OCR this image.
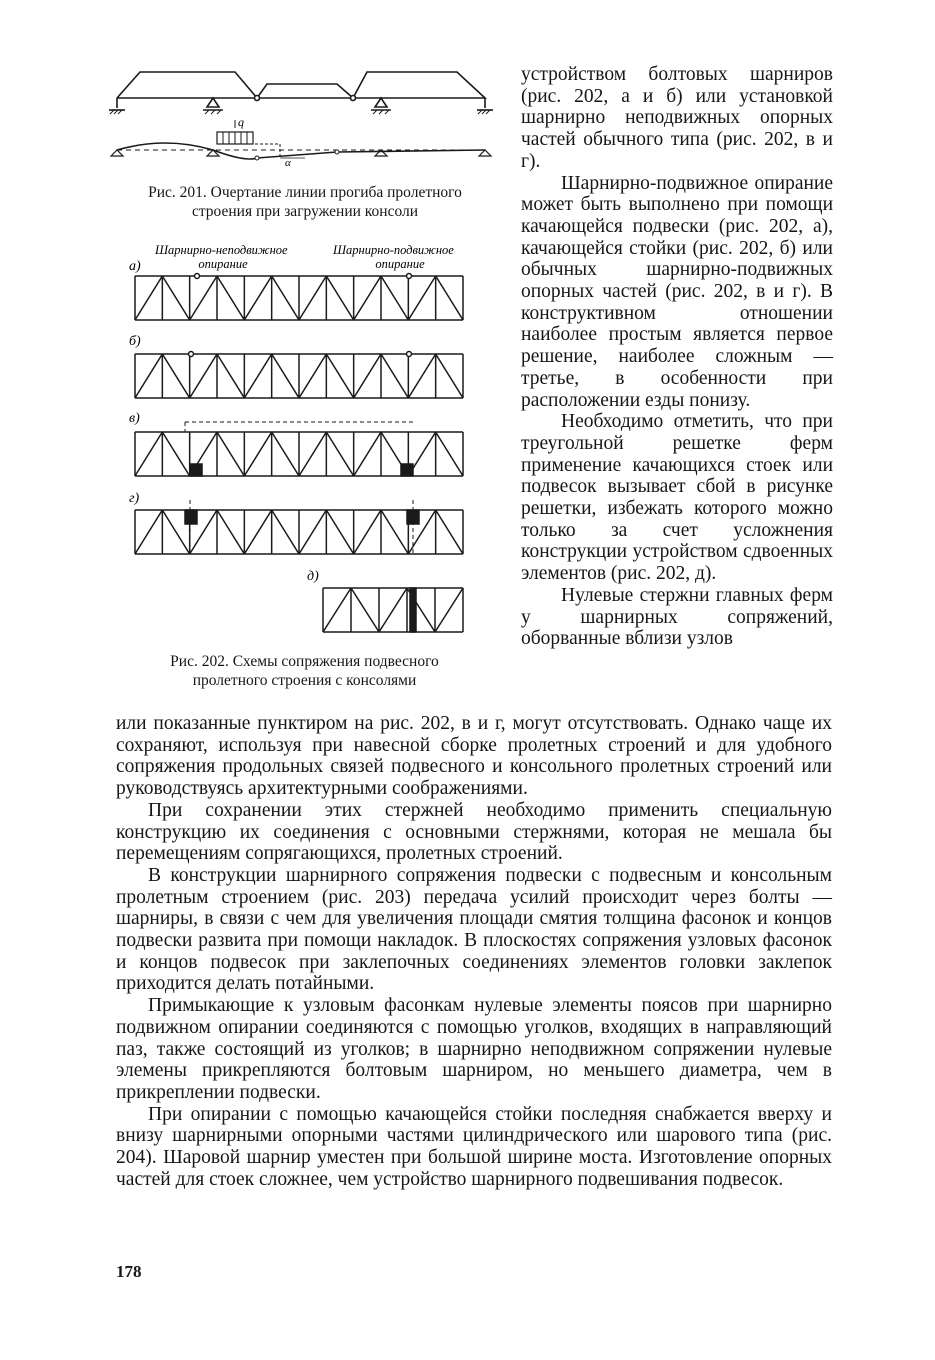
q
α
Рис. 201. Очертание линии прогиба пролетного
строения при загружении консоли
Шарнирно-неподвижное
опирание
Шарнирно-подвижное
опирание
а)
б)
в)
г)
д)
Рис. 202. Схемы сопряжения подвесного
пролетного строения с консолями

устройством болтовых шарниров (рис. 202, а и б) или установкой шарнирно неподвижных опорных частей обычного типа (рис. 202, в и г).

Шарнирно-подвижное опирание может быть выполнено при помощи качающейся подвески (рис. 202, а), качающейся стойки (рис. 202, б) или обычных шарнирно-подвижных опорных частей (рис. 202, в и г). В конструктивном отношении наиболее простым является первое решение, наиболее сложным — третье, в особенности при расположении езды понизу.

Необходимо отметить, что при треугольной решетке ферм применение качающихся стоек или подвесок вызывает сбой в рисунке решетки, избежать которого можно только за счет усложнения конструкции устройством сдвоенных элементов (рис. 202, д).

Нулевые стержни главных ферм у шарнирных сопряжений, оборванные вблизи узлов

или показанные пунктиром на рис. 202, в и г, могут отсутствовать. Однако чаще их сохраняют, используя при навесной сборке пролетных строений и для удобного сопряжения продольных связей подвесного и консольного пролетных строений или руководствуясь архитектурными соображениями.

При сохранении этих стержней необходимо применить специальную конструкцию их соединения с основными стержнями, которая не мешала бы перемещениям сопрягающихся, пролетных строений.

В конструкции шарнирного сопряжения подвески с подвесным и консольным пролетным строением (рис. 203) передача усилий происходит через болты — шарниры, в связи с чем для увеличения площади смятия толщина фасонок и концов подвески развита при помощи накладок. В плоскостях сопряжения узловых фасонок и концов подвесок при заклепочных соединениях элементов головки заклепок приходится делать потайными.

Примыкающие к узловым фасонкам нулевые элементы поясов при шарнирно подвижном опирании соединяются с помощью уголков, входящих в направляющий паз, также состоящий из уголков; в шарнирно неподвижном сопряжении нулевые элемены прикрепляются болтовым шарниром, но меньшего диаметра, чем в прикреплении подвески.

При опирании с помощью качающейся стойки последняя снабжается вверху и внизу шарнирными опорными частями цилиндрического или шарового типа (рис. 204). Шаровой шарнир уместен при большой ширине моста. Изготовление опорных частей для стоек сложнее, чем устройство шарнирного подвешивания подвесок.

178
